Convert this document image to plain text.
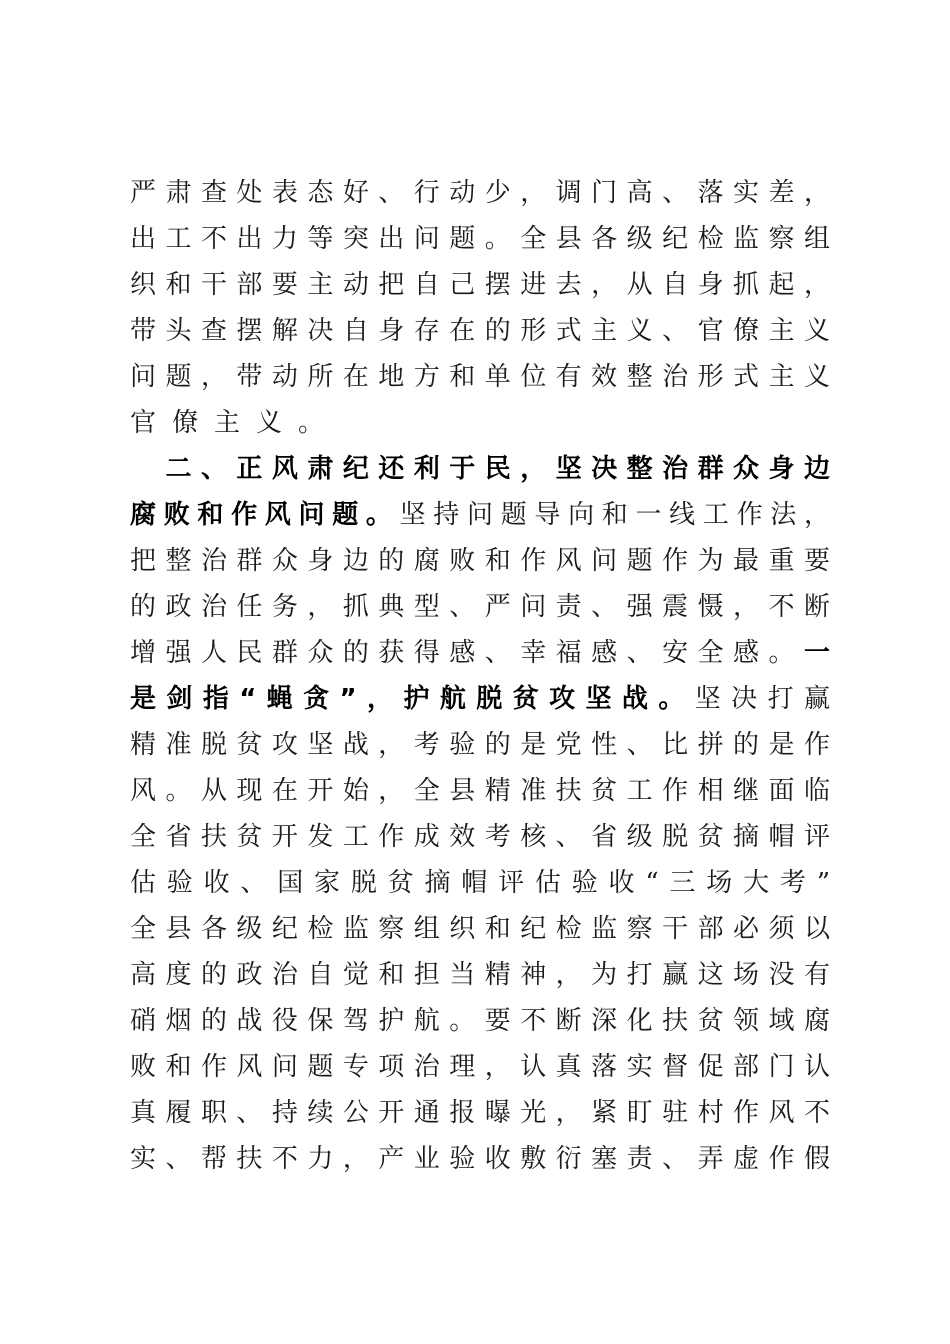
严肃查处表态好、行动少，调门高、落实差，
出工不出力等突出问题。全县各级纪检监察组
织和干部要主动把自己摆进去，从自身抓起，
带头查摆解决自身存在的形式主义、官僚主义
问题，带动所在地方和单位有效整治形式主义
官僚主义。
　二、正风肃纪还利于民，坚决整治群众身边
腐败和作风问题。坚持问题导向和一线工作法，
把整治群众身边的腐败和作风问题作为最重要
的政治任务，抓典型、严问责、强震慑，不断
增强人民群众的获得感、幸福感、安全感。一
是剑指“蝇贪”，护航脱贫攻坚战。坚决打赢
精准脱贫攻坚战，考验的是党性、比拼的是作
风。从现在开始，全县精准扶贫工作相继面临
全省扶贫开发工作成效考核、省级脱贫摘帽评
估验收、国家脱贫摘帽评估验收“三场大考”
全县各级纪检监察组织和纪检监察干部必须以
高度的政治自觉和担当精神，为打赢这场没有
硝烟的战役保驾护航。要不断深化扶贫领域腐
败和作风问题专项治理，认真落实督促部门认
真履职、持续公开通报曝光，紧盯驻村作风不
实、帮扶不力，产业验收敷衍塞责、弄虚作假
